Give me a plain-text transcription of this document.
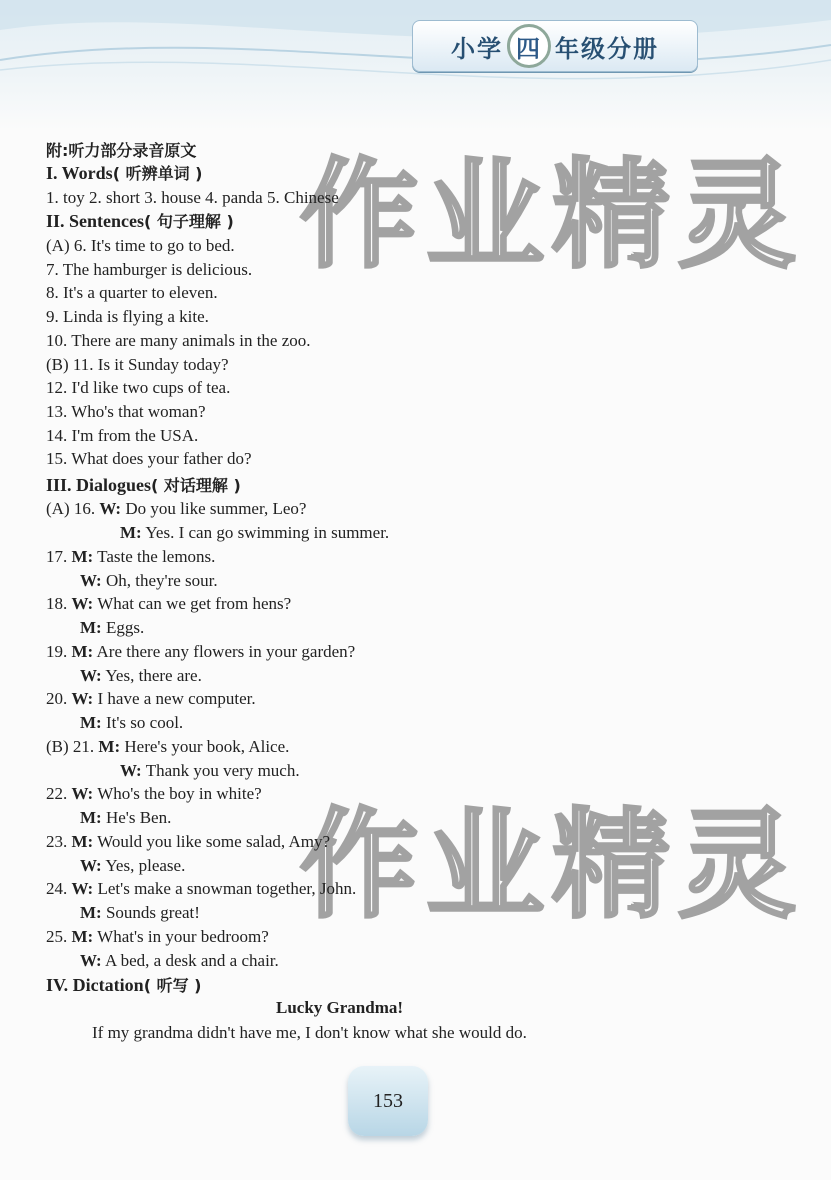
小学 四 年级分册
作业精灵
作业精灵
附:听力部分录音原文
I. Words( 听辨单词 )
1. toy 2. short 3. house 4. panda 5. Chinese
II. Sentences( 句子理解 )
(A) 6. It's time to go to bed.
7. The hamburger is delicious.
8. It's a quarter to eleven.
9. Linda is flying a kite.
10. There are many animals in the zoo.
(B) 11. Is it Sunday today?
12. I'd like two cups of tea.
13. Who's that woman?
14. I'm from the USA.
15. What does your father do?
III. Dialogues( 对话理解 )
(A) 16. W: Do you like summer, Leo?
M: Yes. I can go swimming in summer.
17. M: Taste the lemons.
W: Oh, they're sour.
18. W: What can we get from hens?
M: Eggs.
19. M: Are there any flowers in your garden?
W: Yes, there are.
20. W: I have a new computer.
M: It's so cool.
(B) 21. M: Here's your book, Alice.
W: Thank you very much.
22. W: Who's the boy in white?
M: He's Ben.
23. M: Would you like some salad, Amy?
W: Yes, please.
24. W: Let's make a snowman together, John.
M: Sounds great!
25. M: What's in your bedroom?
W: A bed, a desk and a chair.
IV. Dictation( 听写 )
Lucky Grandma!
If my grandma didn't have me, I don't know what she would do.
153
